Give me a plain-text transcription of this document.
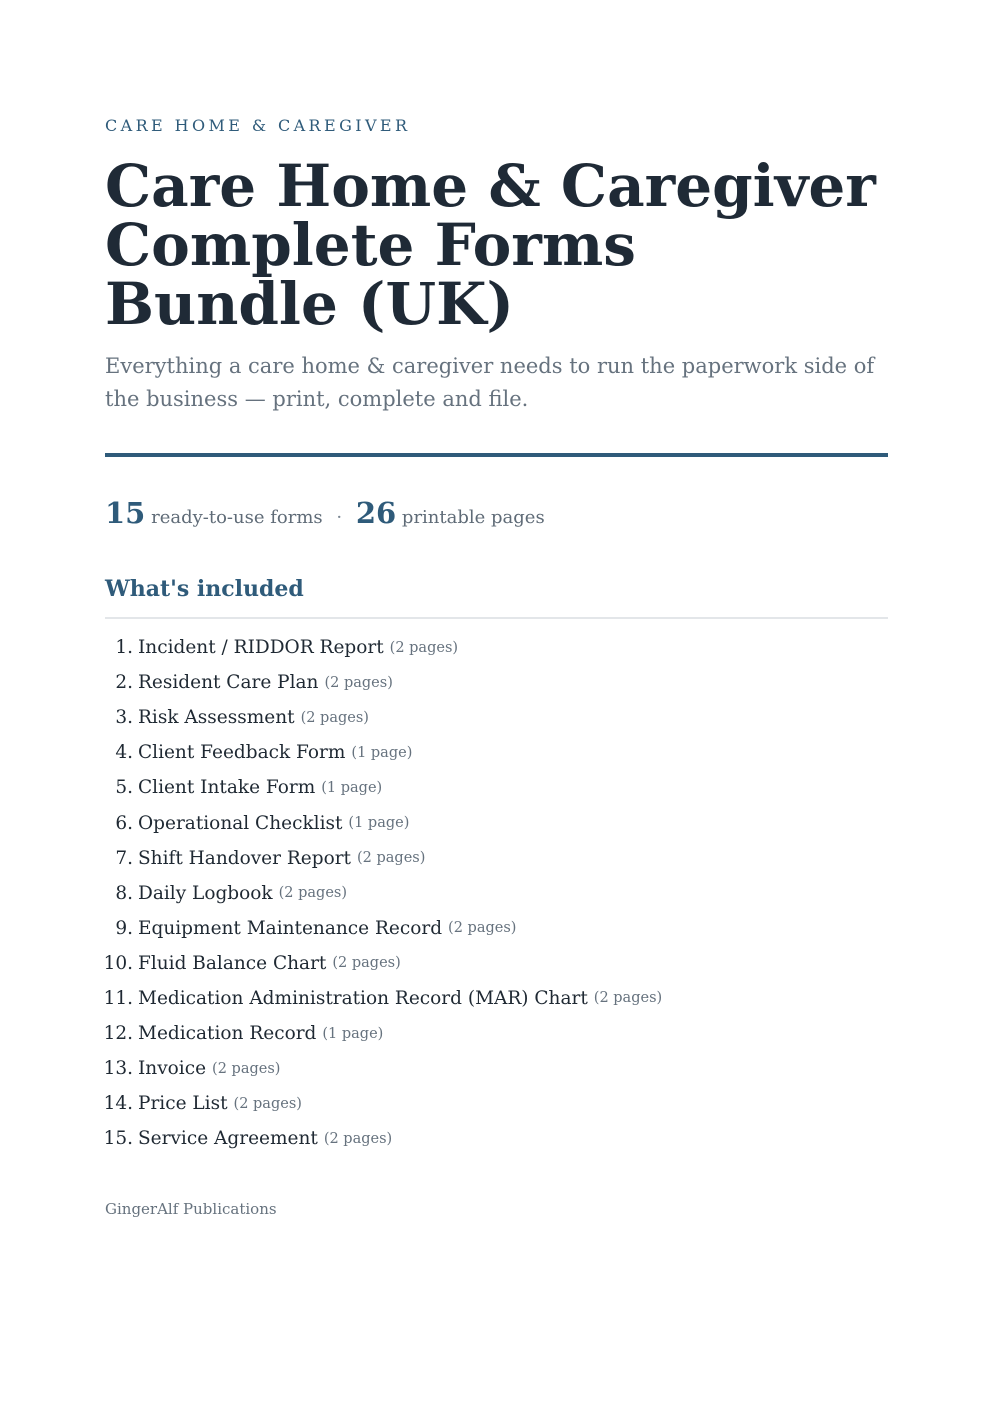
CARE HOME & CAREGIVER
Care Home & Caregiver Complete Forms Bundle (UK)

Everything a care home & caregiver needs to run the paperwork side of the business — print, complete and file.

15 ready-to-use forms · 26 printable pages
What's included
1. Incident / RIDDOR Report (2 pages)
2. Resident Care Plan (2 pages)
3. Risk Assessment (2 pages)
4. Client Feedback Form (1 page)
5. Client Intake Form (1 page)
6. Operational Checklist (1 page)
7. Shift Handover Report (2 pages)
8. Daily Logbook (2 pages)
9. Equipment Maintenance Record (2 pages)
10. Fluid Balance Chart (2 pages)
11. Medication Administration Record (MAR) Chart (2 pages)
12. Medication Record (1 page)
13. Invoice (2 pages)
14. Price List (2 pages)
15. Service Agreement (2 pages)
GingerAlf Publications
